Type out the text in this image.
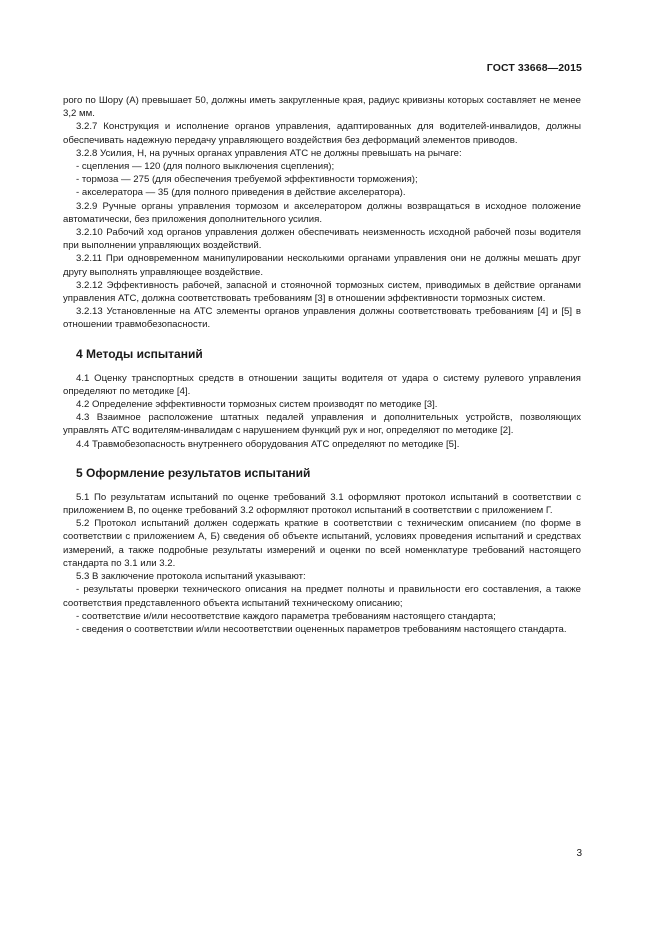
ГОСТ 33668—2015

рого по Шору (А) превышает 50, должны иметь закругленные края, радиус кривизны которых составляет не менее 3,2 мм.

3.2.7 Конструкция и исполнение органов управления, адаптированных для водителей-инвалидов, должны обеспечивать надежную передачу управляющего воздействия без деформаций элементов приводов.

3.2.8 Усилия, Н, на ручных органах управления АТС не должны превышать на рычаге:

- сцепления — 120 (для полного выключения сцепления);

- тормоза — 275 (для обеспечения требуемой эффективности торможения);

- акселератора — 35 (для полного приведения в действие акселератора).

3.2.9 Ручные органы управления тормозом и акселератором должны возвращаться в исходное положение автоматически, без приложения дополнительного усилия.

3.2.10 Рабочий ход органов управления должен обеспечивать неизменность исходной рабочей позы водителя при выполнении управляющих воздействий.

3.2.11 При одновременном манипулировании несколькими органами управления они не должны мешать друг другу выполнять управляющее воздействие.

3.2.12 Эффективность рабочей, запасной и стояночной тормозных систем, приводимых в действие органами управления АТС, должна соответствовать требованиям [3] в отношении эффективности тормозных систем.

3.2.13 Установленные на АТС элементы органов управления должны соответствовать требованиям [4] и [5] в отношении травмобезопасности.

4 Методы испытаний

4.1 Оценку транспортных средств в отношении защиты водителя от удара о систему рулевого управления определяют по методике [4].

4.2 Определение эффективности тормозных систем производят по методике [3].

4.3 Взаимное расположение штатных педалей управления и дополнительных устройств, позволяющих управлять АТС водителям-инвалидам с нарушением функций рук и ног, определяют по методике [2].

4.4 Травмобезопасность внутреннего оборудования АТС определяют по методике [5].

5 Оформление результатов испытаний

5.1 По результатам испытаний по оценке требований 3.1 оформляют протокол испытаний в соответствии с приложением В, по оценке требований 3.2 оформляют протокол испытаний в соответствии с приложением Г.

5.2 Протокол испытаний должен содержать краткие в соответствии с техническим описанием (по форме в соответствии с приложением А, Б) сведения об объекте испытаний, условиях проведения испытаний и средствах измерений, а также подробные результаты измерений и оценки по всей номенклатуре требований настоящего стандарта по 3.1 или 3.2.

5.3 В заключение протокола испытаний указывают:

- результаты проверки технического описания на предмет полноты и правильности его составления, а также соответствия представленного объекта испытаний техническому описанию;

- соответствие и/или несоответствие каждого параметра требованиям настоящего стандарта;

- сведения о соответствии и/или несоответствии оцененных параметров требованиям настоящего стандарта.

3
